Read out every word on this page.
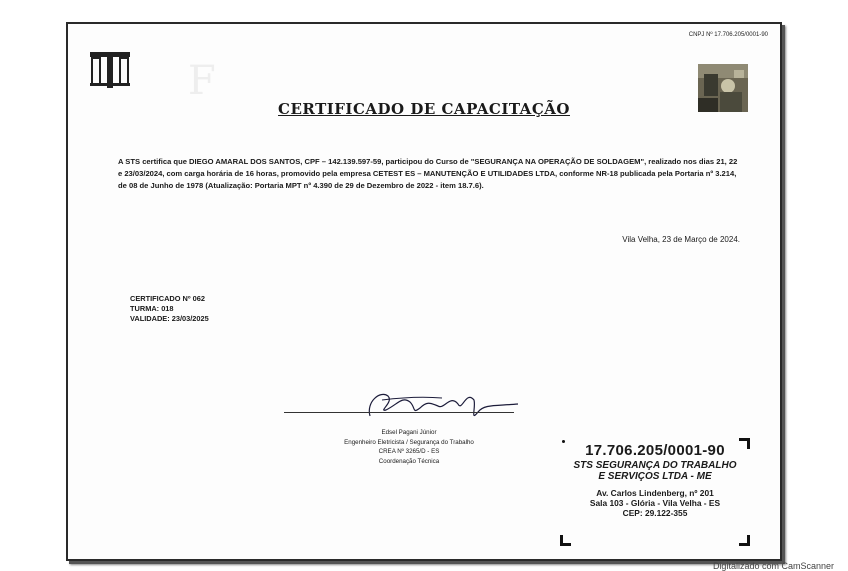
CNPJ Nº 17.706.205/0001-90
F
CERTIFICADO DE CAPACITAÇÃO
A STS certifica que DIEGO AMARAL DOS SANTOS, CPF – 142.139.597-59, participou do Curso de "SEGURANÇA NA OPERAÇÃO DE SOLDAGEM", realizado nos dias 21, 22 e 23/03/2024, com carga horária de 16 horas, promovido pela empresa CETEST ES – MANUTENÇÃO E UTILIDADES LTDA, conforme NR-18 publicada pela Portaria nº 3.214, de 08 de Junho de 1978 (Atualização: Portaria MPT nº 4.390 de 29 de Dezembro de 2022 - item 18.7.6).
Vila Velha, 23 de Março de 2024.
CERTIFICADO Nº 062
TURMA: 018
VALIDADE: 23/03/2025
Edsel Pagani Júnior
Engenheiro Eletricista / Segurança do Trabalho
CREA Nº 3265/D - ES
Coordenação Técnica
17.706.205/0001-90
STS SEGURANÇA DO TRABALHO
E SERVIÇOS LTDA - ME
Av. Carlos Lindenberg, nº 201
Sala 103 - Glória - Vila Velha - ES
CEP: 29.122-355
Digitalizado com CamScanner
